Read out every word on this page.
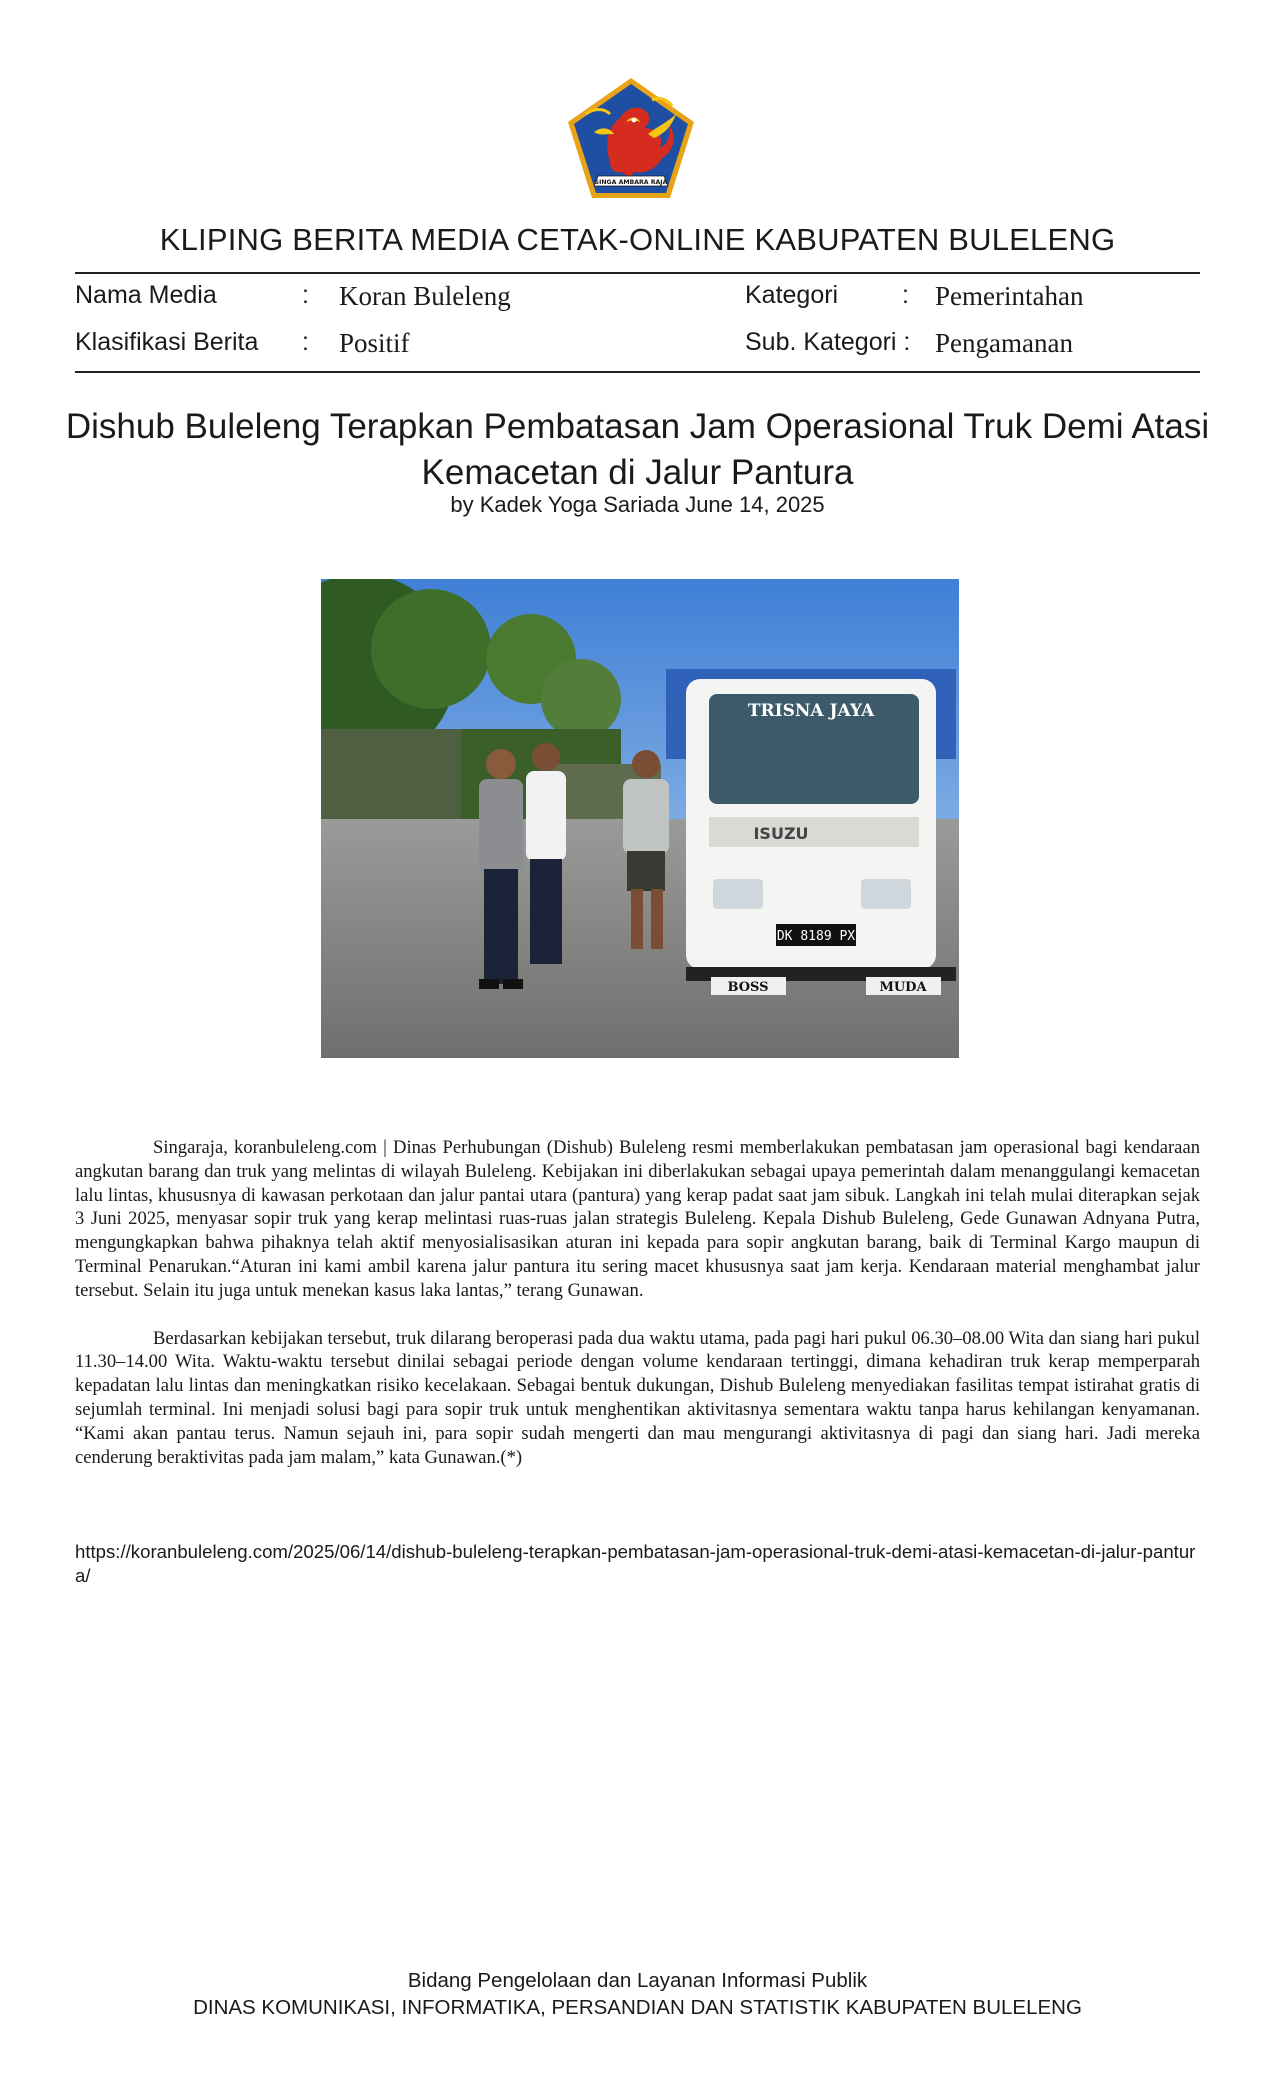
SINGA AMBARA RAJA
KLIPING BERITA MEDIA CETAK-ONLINE KABUPATEN BULELENG
Nama Media	: Koran Buleleng	Kategori	: Pemerintahan
Klasifikasi Berita : Positif	Sub. Kategori : Pengamanan
Dishub Buleleng Terapkan Pembatasan Jam Operasional Truk Demi Atasi Kemacetan di Jalur Pantura
by Kadek Yoga Sariada June 14, 2025
TRISNA JAYA
ISUZU
DK 8189 PX
BOSS	MUDA

Singaraja, koranbuleleng.com | Dinas Perhubungan (Dishub) Buleleng resmi memberlakukan pembatasan jam operasional bagi kendaraan angkutan barang dan truk yang melintas di wilayah Buleleng. Kebijakan ini diberlakukan sebagai upaya pemerintah dalam menanggulangi kemacetan lalu lintas, khususnya di kawasan perkotaan dan jalur pantai utara (pantura) yang kerap padat saat jam sibuk. Langkah ini telah mulai diterapkan sejak 3 Juni 2025, menyasar sopir truk yang kerap melintasi ruas-ruas jalan strategis Buleleng. Kepala Dishub Buleleng, Gede Gunawan Adnyana Putra, mengungkapkan bahwa pihaknya telah aktif menyosialisasikan aturan ini kepada para sopir angkutan barang, baik di Terminal Kargo maupun di Terminal Penarukan.“Aturan ini kami ambil karena jalur pantura itu sering macet khususnya saat jam kerja. Kendaraan material menghambat jalur tersebut. Selain itu juga untuk menekan kasus laka lantas,” terang Gunawan.

Berdasarkan kebijakan tersebut, truk dilarang beroperasi pada dua waktu utama, pada pagi hari pukul 06.30–08.00 Wita dan siang hari pukul 11.30–14.00 Wita. Waktu-waktu tersebut dinilai sebagai periode dengan volume kendaraan tertinggi, dimana kehadiran truk kerap memperparah kepadatan lalu lintas dan meningkatkan risiko kecelakaan. Sebagai bentuk dukungan, Dishub Buleleng menyediakan fasilitas tempat istirahat gratis di sejumlah terminal. Ini menjadi solusi bagi para sopir truk untuk menghentikan aktivitasnya sementara waktu tanpa harus kehilangan kenyamanan. “Kami akan pantau terus. Namun sejauh ini, para sopir sudah mengerti dan mau mengurangi aktivitasnya di pagi dan siang hari. Jadi mereka cenderung beraktivitas pada jam malam,” kata Gunawan.(*)

https://koranbuleleng.com/2025/06/14/dishub-buleleng-terapkan-pembatasan-jam-operasional-truk-demi-atasi-kemacetan-di-jalur-pantura/
Bidang Pengelolaan dan Layanan Informasi Publik
DINAS KOMUNIKASI, INFORMATIKA, PERSANDIAN DAN STATISTIK KABUPATEN BULELENG
